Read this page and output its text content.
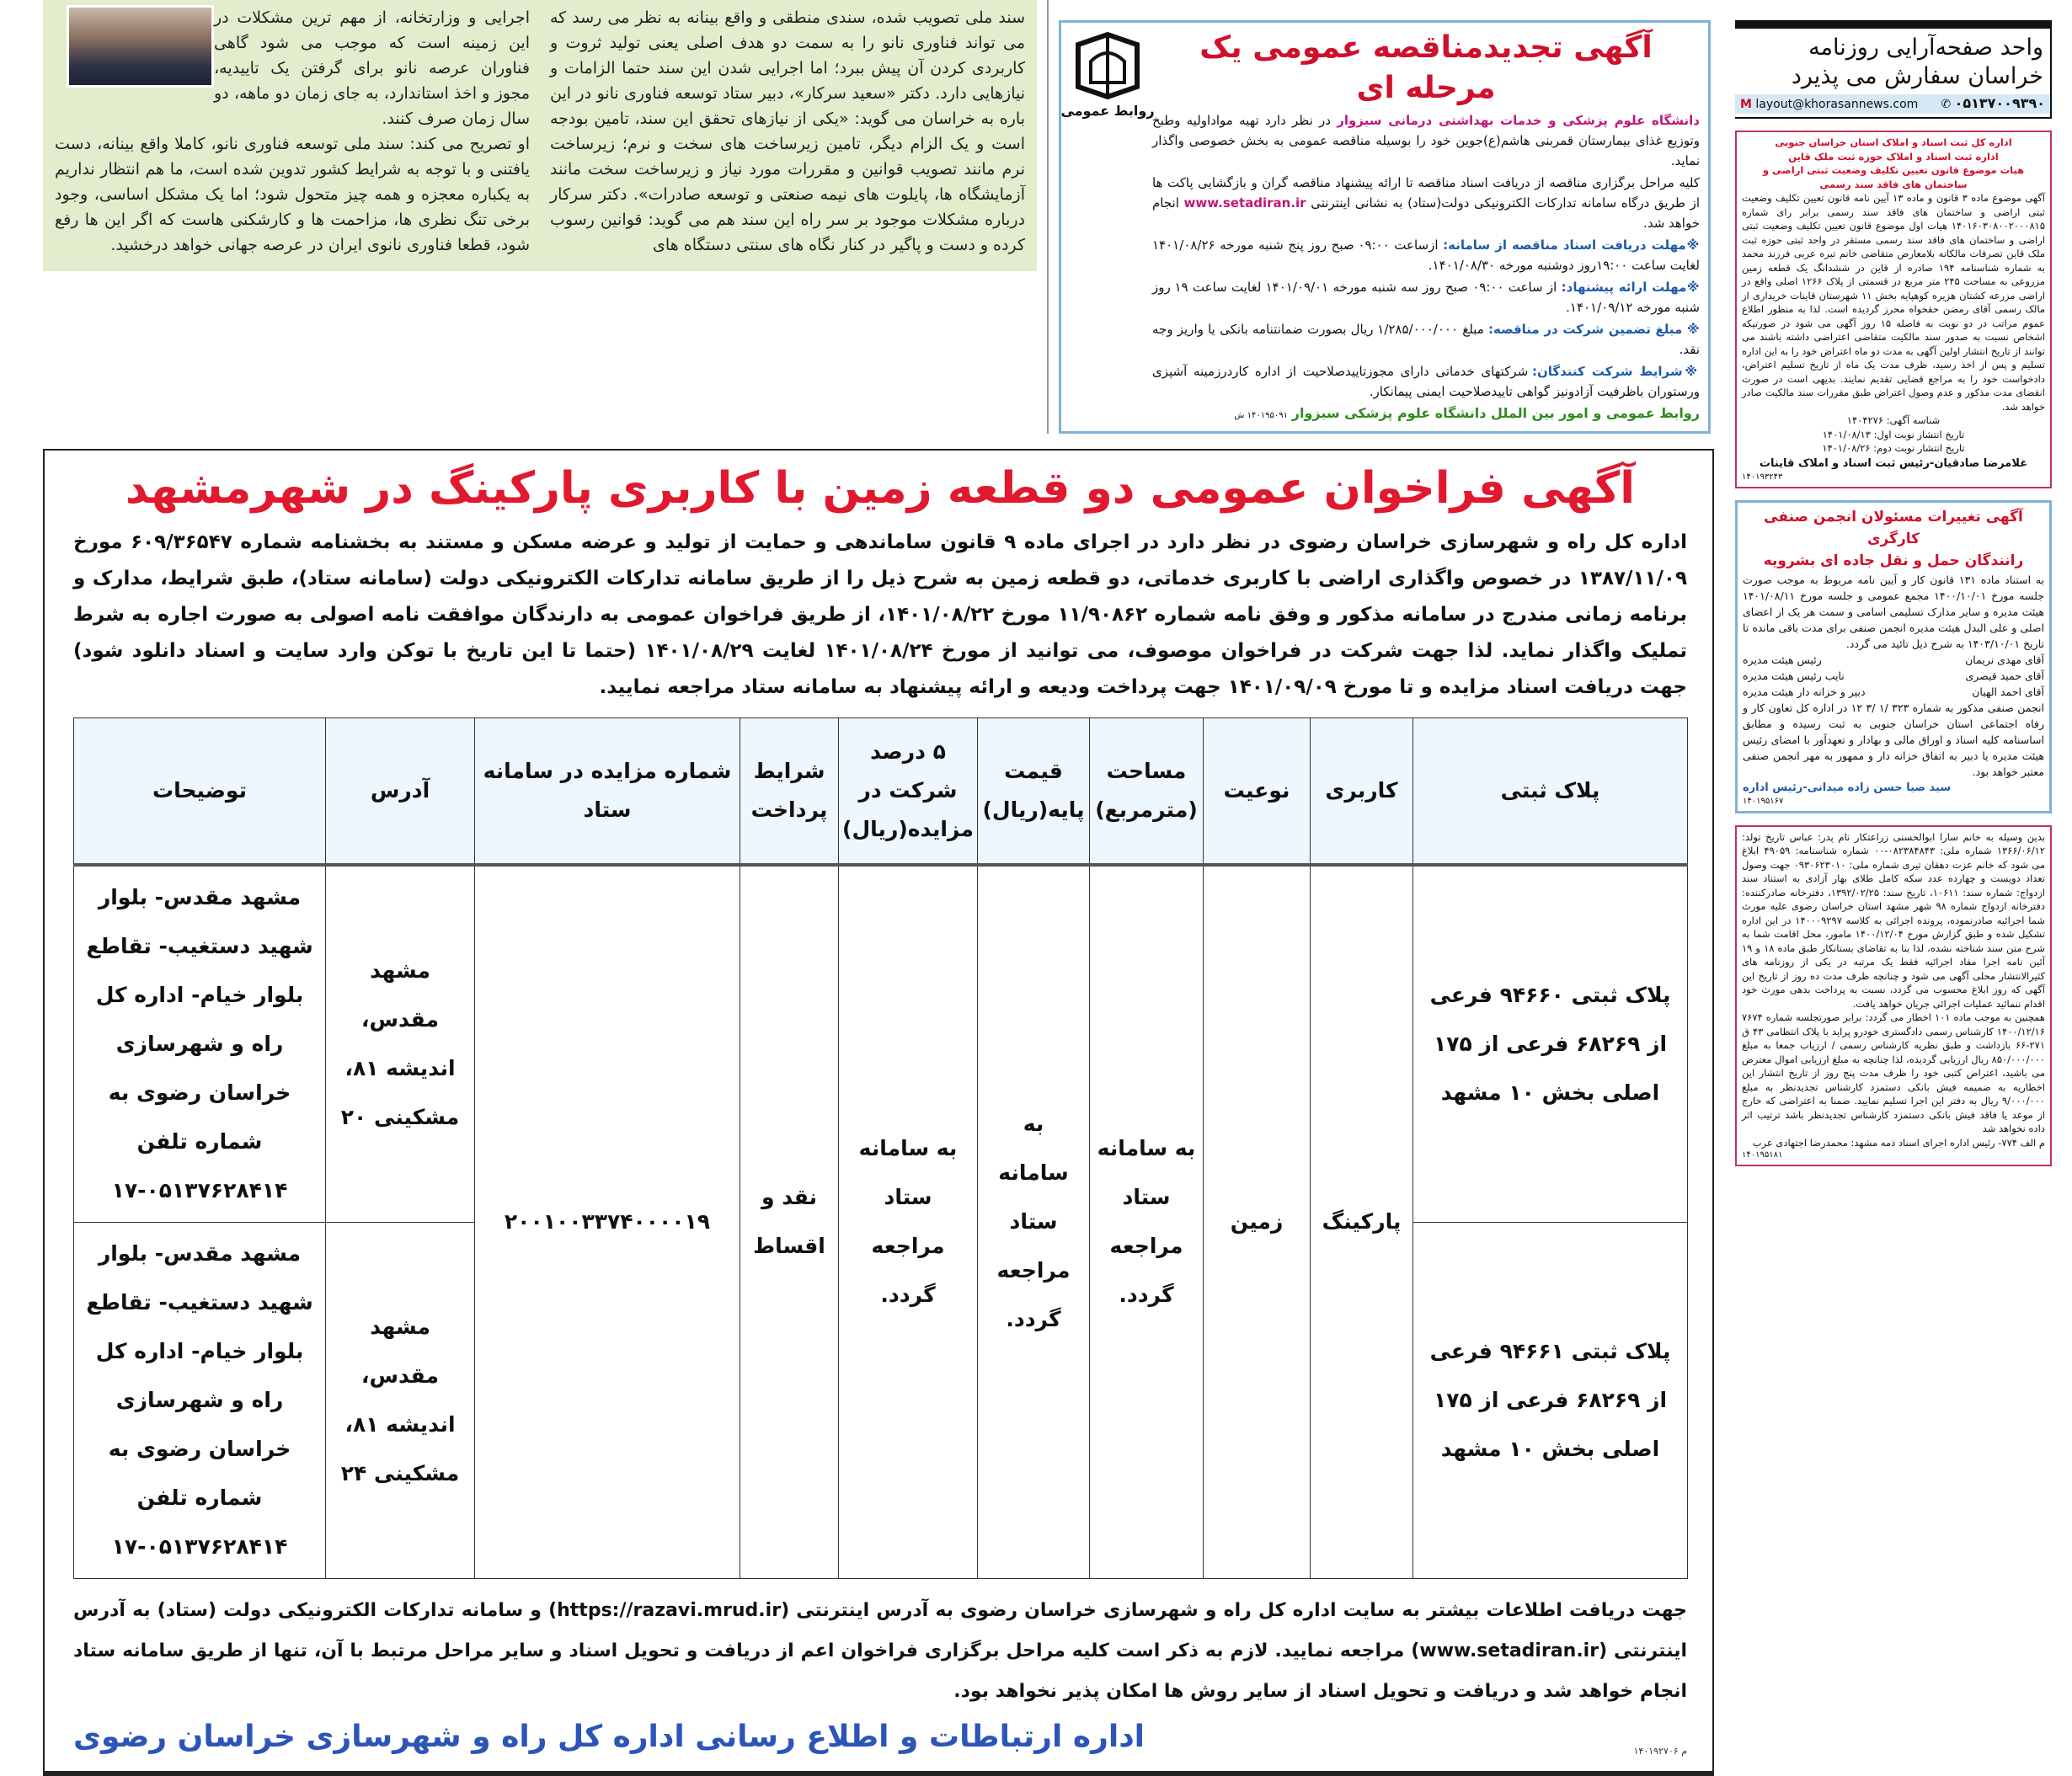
سند ملی تصویب شده، سندی منطقی و واقع بینانه به نظر می رسد که می تواند فناوری نانو را به سمت دو هدف اصلی یعنی تولید ثروت و کاربردی کردن آن پیش ببرد؛ اما اجرایی شدن این سند حتما الزامات و نیازهایی دارد. دکتر «سعید سرکار»، دبیر ستاد توسعه فناوری نانو در این باره به خراسان می گوید: «یکی از نیازهای تحقق این سند، تامین بودجه است و یک الزام دیگر، تامین زیرساخت های سخت و نرم؛ زیرساخت نرم مانند تصویب قوانین و مقررات مورد نیاز و زیرساخت سخت مانند آزمایشگاه ها، پایلوت های نیمه صنعتی و توسعه صادرات». دکتر سرکار درباره مشکلات موجود بر سر راه این سند هم می گوید: قوانین رسوب کرده و دست و پاگیر در کنار نگاه های سنتی دستگاه های
اجرایی و وزارتخانه، از مهم ترین مشکلات در این زمینه است که موجب می شود گاهی فناوران عرصه نانو برای گرفتن یک تاییدیه، مجوز و اخذ استاندارد، به جای زمان دو ماهه، دو سال زمان صرف کنند.
او تصریح می کند: سند ملی توسعه فناوری نانو، کاملا واقع بینانه، دست یافتنی و با توجه به شرایط کشور تدوین شده است، ما هم انتظار نداریم به یکباره معجزه و همه چیز متحول شود؛ اما یک مشکل اساسی، وجود برخی تنگ نظری ها، مزاحمت ها و کارشکنی هاست که اگر این ها رفع شود، قطعا فناوری نانوی ایران در عرصه جهانی خواهد درخشید.
روابط عمومی
آگهی تجدیدمناقصه عمومی یک مرحله ای

دانشگاه علوم پزشکی و خدمات بهداشتی درمانی سبزوار در نظر دارد تهیه مواداولیه وطبخ وتوزیع غذای بیمارستان قمربنی هاشم(ع)جوین خود را بوسیله مناقصه عمومی به بخش خصوصی واگذار نماید.

کلیه مراحل برگزاری مناقصه از دریافت اسناد مناقصه تا ارائه پیشنهاد مناقصه گران و بازگشایی پاکت ها از طریق درگاه سامانه تدارکات الکترونیکی دولت(ستاد) به نشانی اینترنتی www.setadiran.ir انجام خواهد شد.

※مهلت دریافت اسناد مناقصه از سامانه: ازساعت ۰۹:۰۰ صبح روز پنج شنبه مورخه ۱۴۰۱/۰۸/۲۶ لغایت ساعت ۱۹:۰۰روز دوشنبه مورخه ۱۴۰۱/۰۸/۳۰.

※مهلت ارائه پیشنهاد: از ساعت ۰۹:۰۰ صبح روز سه شنبه مورخه ۱۴۰۱/۰۹/۰۱ لغایت ساعت ۱۹ روز شنبه مورخه ۱۴۰۱/۰۹/۱۲.

※ مبلغ تضمین شرکت در مناقصه: مبلغ ۱/۲۸۵/۰۰۰/۰۰۰ ریال بصورت ضمانتنامه بانکی یا واریز وجه نقد.

※شرایط شرکت کنندگان: شرکتهای خدماتی دارای مجوزتاییدصلاحیت از اداره کاردرزمینه آشپزی ورستوران باظرفیت آزادونیز گواهی تاییدصلاحیت ایمنی پیمانکار.

روابط عمومی و امور بین الملل دانشگاه علوم پزشکی سبزوار ۱۴۰۱۹۵۰۹۱ ش

آگهی فراخوان عمومی دو قطعه زمین با کاربری پارکینگ در شهرمشهد
اداره کل راه و شهرسازی خراسان رضوی در نظر دارد در اجرای ماده ۹ قانون ساماندهی و حمایت از تولید و عرضه مسکن و مستند به بخشنامه شماره ۶۰۹/۳۶۵۴۷ مورخ ۱۳۸۷/۱۱/۰۹ در خصوص واگذاری اراضی با کاربری خدماتی، دو قطعه زمین به شرح ذیل را از طریق سامانه تدارکات الکترونیکی دولت (سامانه ستاد)، طبق شرایط، مدارک و برنامه زمانی مندرج در سامانه مذکور و وفق نامه شماره ۱۱/۹۰۸۶۲ مورخ ۱۴۰۱/۰۸/۲۲، از طریق فراخوان عمومی به دارندگان موافقت نامه اصولی به صورت اجاره به شرط تملیک واگذار نماید. لذا جهت شرکت در فراخوان موصوف، می توانید از مورخ ۱۴۰۱/۰۸/۲۴ لغایت ۱۴۰۱/۰۸/۲۹ (حتما تا این تاریخ با توکن وارد سایت و اسناد دانلود شود) جهت دریافت اسناد مزایده و تا مورخ ۱۴۰۱/۰۹/۰۹ جهت پرداخت ودیعه و ارائه پیشنهاد به سامانه ستاد مراجعه نمایید.
پلاک ثبتی	کاربری	نوعیت	مساحت (مترمربع)	قیمت پایه(ریال)	۵ درصد شرکت در مزایده(ریال)	شرایط پرداخت	شماره مزایده در سامانه ستاد	آدرس	توضیحات
پلاک ثبتی ۹۴۶۶۰ فرعی از ۶۸۲۶۹ فرعی از ۱۷۵ اصلی بخش ۱۰ مشهد	پارکینگ	زمین	به سامانه ستاد مراجعه گردد.	به سامانه ستاد مراجعه گردد.	به سامانه ستاد مراجعه گردد.	نقد و اقساط	۲۰۰۱۰۰۳۳۷۴۰۰۰۰۱۹	مشهد مقدس، اندیشه ۸۱، مشکینی ۲۰	مشهد مقدس- بلوار شهید دستغیب- تقاطع بلوار خیام- اداره کل راه و شهرسازی خراسان رضوی به شماره تلفن ۰۵۱۳۷۶۲۸۴۱۴-۱۷
پلاک ثبتی ۹۴۶۶۱ فرعی از ۶۸۲۶۹ فرعی از ۱۷۵ اصلی بخش ۱۰ مشهد								مشهد مقدس، اندیشه ۸۱، مشکینی ۲۴	مشهد مقدس- بلوار شهید دستغیب- تقاطع بلوار خیام- اداره کل راه و شهرسازی خراسان رضوی به شماره تلفن ۰۵۱۳۷۶۲۸۴۱۴-۱۷
جهت دریافت اطلاعات بیشتر به سایت اداره کل راه و شهرسازی خراسان رضوی به آدرس اینترنتی (https://razavi.mrud.ir) و سامانه تدارکات الکترونیکی دولت (ستاد) به آدرس اینترنتی (www.setadiran.ir) مراجعه نمایید. لازم به ذکر است کلیه مراحل برگزاری فراخوان اعم از دریافت و تحویل اسناد و سایر مراحل مرتبط با آن، تنها از طریق سامانه ستاد انجام خواهد شد و دریافت و تحویل اسناد از سایر روش ها امکان پذیر نخواهد بود.
اداره ارتباطات و اطلاع رسانی اداره کل راه و شهرسازی خراسان رضوی	۱۴۰۱۹۲۷۰۶ م
واحد صفحه‌آرایی روزنامه خراسان سفارش می پذیرد
M layout@khorasannews.com ✆ ۰۵۱۳۷۰۰۹۳۹۰
اداره کل ثبت اسناد و املاک استان خراسان جنوبی
اداره ثبت اسناد و املاک حوزه ثبت ملک قاین
هیات موضوع قانون تعیین تکلیف وضعیت ثبتی اراضی و ساختمان های فاقد سند رسمی

آگهی موضوع ماده ۳ قانون و ماده ۱۳ آیین نامه قانون تعیین تکلیف وضعیت ثبتی اراضی و ساختمان های فاقد سند رسمی برابر رای شماره ۱۴۰۱۶۰۳۰۸۰۰۲۰۰۰۸۱۵ هیات اول موضوع قانون تعیین تکلیف وضعیت ثبتی اراضی و ساختمان های فاقد سند رسمی مستقر در واحد ثبتی حوزه ثبت ملک قاین تصرفات مالکانه بلامعارض متقاضی خانم تیره عربی فرزند محمد به شماره شناسنامه ۱۹۴ صادره از قاین در ششدانگ یک قطعه زمین مزروعی به مساحت ۲۴۵ متر مربع در قسمتی از پلاک ۱۲۶۶ اصلی واقع در اراضی مزرعه کشتان هزیره کوهپایه بخش ۱۱ شهرستان قاینات خریداری از مالک رسمی آقای رمضن حقخواه محرز گردیده است. لذا به منظور اطلاع عموم مراتب در دو نوبت به فاصله ۱۵ روز آگهی می شود در صورتیکه اشخاص نسبت به صدور سند مالکیت متقاضی اعتراضی داشته باشند می توانند از تاریخ انتشار اولین آگهی به مدت دو ماه اعتراض خود را به این اداره تسلیم و پس از اخذ رسید، ظرف مدت یک ماه از تاریخ تسلیم اعتراض، دادخواست خود را به مراجع قضایی تقدیم نمایند. بدیهی است در صورت انقضای مدت مذکور و عدم وصول اعتراض طبق مقررات سند مالکیت صادر خواهد شد.

شناسه آگهی: ۱۴۰۴۲۷۶

تاریخ انتشار نوبت اول: ۱۴۰۱/۰۸/۱۳

تاریخ انتشار نوبت دوم: ۱۴۰۱/۰۸/۲۶

غلامرضا صادقیان-رئیس ثبت اسناد و املاک قاینات

۱۴۰۱۹۳۲۴۳

آگهی تغییرات مسئولان انجمن صنفی کارگری
رانندگان حمل و نقل جاده ای بشرویه

به استناد ماده ۱۳۱ قانون کار و آیین نامه مربوط به موجب صورت جلسه مورخ ۱۴۰۰/۱۰/۰۱ مجمع عمومی و جلسه مورخ ۱۴۰۱/۰۸/۱۱ هیئت مدیره و سایر مدارک تسلیمی اسامی و سمت هر یک از اعضای اصلی و علی البدل هیئت مدیره انجمن صنفی برای مدت باقی مانده تا تاریخ ۱۴۰۳/۱۰/۰۱ به شرح ذیل تائید می گردد.

آقای مهدی نریمان
رئیس هیئت مدیره
آقای حمید قیصری
نایب رئیس هیئت مدیره
آقای احمد الهیان
دبیر و خزانه دار هیئت مدیره

انجمن صنفی مذکور به شماره ۳۲۳ /۱ /۳ ۱۲ در اداره کل تعاون کار و رفاه اجتماعی استان خراسان جنوبی به ثبت رسیده و مطابق اساسنامه کلیه اسناد و اوراق مالی و بهادار و تعهدآور با امضای رئیس هیئت مدیره یا دبیر به اتفاق خزانه دار و ممهور به مهر انجمن صنفی معتبر خواهد بود.

سید ضیا حسن زاده میدانی-رئیس اداره

۱۴۰۱۹۵۱۶۷

بدین وسیله به خانم سارا ابوالحسنی زراعتکار نام پدر: عباس تاریخ تولد: ۱۳۶۶/۰۶/۱۲ شماره ملی: ۰۸۲۳۸۴۸۴۳-۰۰ شماره شناسنامه: ۴۹۰۵۹ ابلاغ می شود که خانم عزت دهقان تیری شماره ملی: ۰۹۳۰۶۲۳۰۱۰ جهت وصول تعداد دویست و چهارده عدد سکه کامل طلای بهار آزادی به استناد سند ازدواج: شماره سند: ۱۰۶۱۱، تاریخ سند: ۱۳۹۲/۰۲/۲۵، دفترخانه صادرکننده: دفترخانه ازدواج شماره ۹۸ شهر مشهد استان خراسان رضوی علیه مورث شما اجرائیه صادرنموده، پرونده اجرائی به کلاسه ۱۴۰۰۰۹۲۹۷ در این اداره تشکیل شده و طبق گزارش مورخ ۱۴۰۰/۱۲/۰۴ مامور، محل اقامت شما به شرح متن سند شناخته نشده، لذا بنا به تقاضای بستانکار طبق ماده ۱۸ و ۱۹ آئین نامه اجرا مفاد اجرائیه فقط یک مرتبه در یکی از روزنامه های کثیرالانتشار محلی آگهی می شود و چنانچه ظرف مدت ده روز از تاریخ این آگهی که روز ابلاغ محسوب می گردد، نسبت به پرداخت بدهی مورث خود اقدام ننمائید عملیات اجرائی جریان خواهد یافت.

همچنین به موجب ماده ۱۰۱ اخطار می گردد: برابر صورتجلسه شماره ۷۶۷۴ ۱۴۰۰/۱۲/۱۶ کارشناس رسمی دادگستری خودرو پراید با پلاک انتظامی ۴۳ ق ۲۷۱-۶۶ بازداشت و طبق نظریه کارشناس رسمی / ارزیاب جمعا به مبلغ ۸۵۰/۰۰۰/۰۰۰ ریال ارزیابی گردیده، لذا چنانچه به مبلغ ارزیابی اموال معترض می باشید، اعتراض کتبی خود را ظرف مدت پنج روز از تاریخ انتشار این اخطاریه به ضمیمه فیش بانکی دستمزد کارشناس تجدیدنظر به مبلغ ۹/۰۰۰/۰۰۰ ریال به دفتر این اجرا تسلیم نمایید. ضمنا به اعتراضی که خارج از موعد یا فاقد فیش بانکی دستمزد کارشناس تجدیدنظر باشد ترتیب اثر داده نخواهد شد

م الف ۷۷۴- رئیس اداره اجرای اسناد ذمه مشهد: محمدرضا اجتهادی عرب

۱۴۰۱۹۵۱۸۱
